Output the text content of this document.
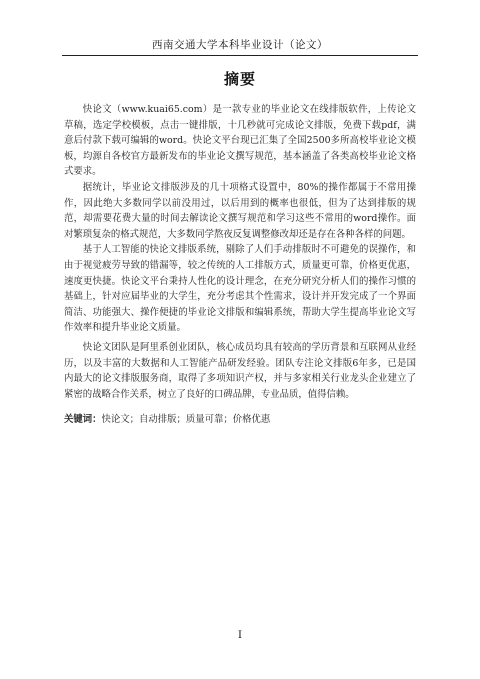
西南交通大学本科毕业设计（论文）
摘要

快论文（www.kuai65.com）是一款专业的毕业论文在线排版软件，上传论文草稿，选定学校模板，点击一键排版，十几秒就可完成论文排版，免费下载pdf，满意后付款下载可编辑的word。快论文平台现已汇集了全国2500多所高校毕业论文模板，均源自各校官方最新发布的毕业论文撰写规范，基本涵盖了各类高校毕业论文格式要求。

据统计，毕业论文排版涉及的几十项格式设置中，80%的操作都属于不常用操作，因此绝大多数同学以前没用过，以后用到的概率也很低，但为了达到排版的规范，却需要花费大量的时间去解读论文撰写规范和学习这些不常用的word操作。面对繁琐复杂的格式规范，大多数同学熬夜反复调整修改却还是存在各种各样的问题。

基于人工智能的快论文排版系统，剔除了人们手动排版时不可避免的误操作，和由于视觉疲劳导致的错漏等，较之传统的人工排版方式，质量更可靠，价格更优惠，速度更快捷。快论文平台秉持人性化的设计理念，在充分研究分析人们的操作习惯的基础上，针对应届毕业的大学生，充分考虑其个性需求，设计并开发完成了一个界面简洁、功能强大、操作便捷的毕业论文排版和编辑系统，帮助大学生提高毕业论文写作效率和提升毕业论文质量。

快论文团队是阿里系创业团队，核心成员均具有较高的学历背景和互联网从业经历，以及丰富的大数据和人工智能产品研发经验。团队专注论文排版6年多，已是国内最大的论文排版服务商，取得了多项知识产权，并与多家相关行业龙头企业建立了紧密的战略合作关系，树立了良好的口碑品牌，专业品质，值得信赖。

关键词：快论文；自动排版；质量可靠；价格优惠
I
